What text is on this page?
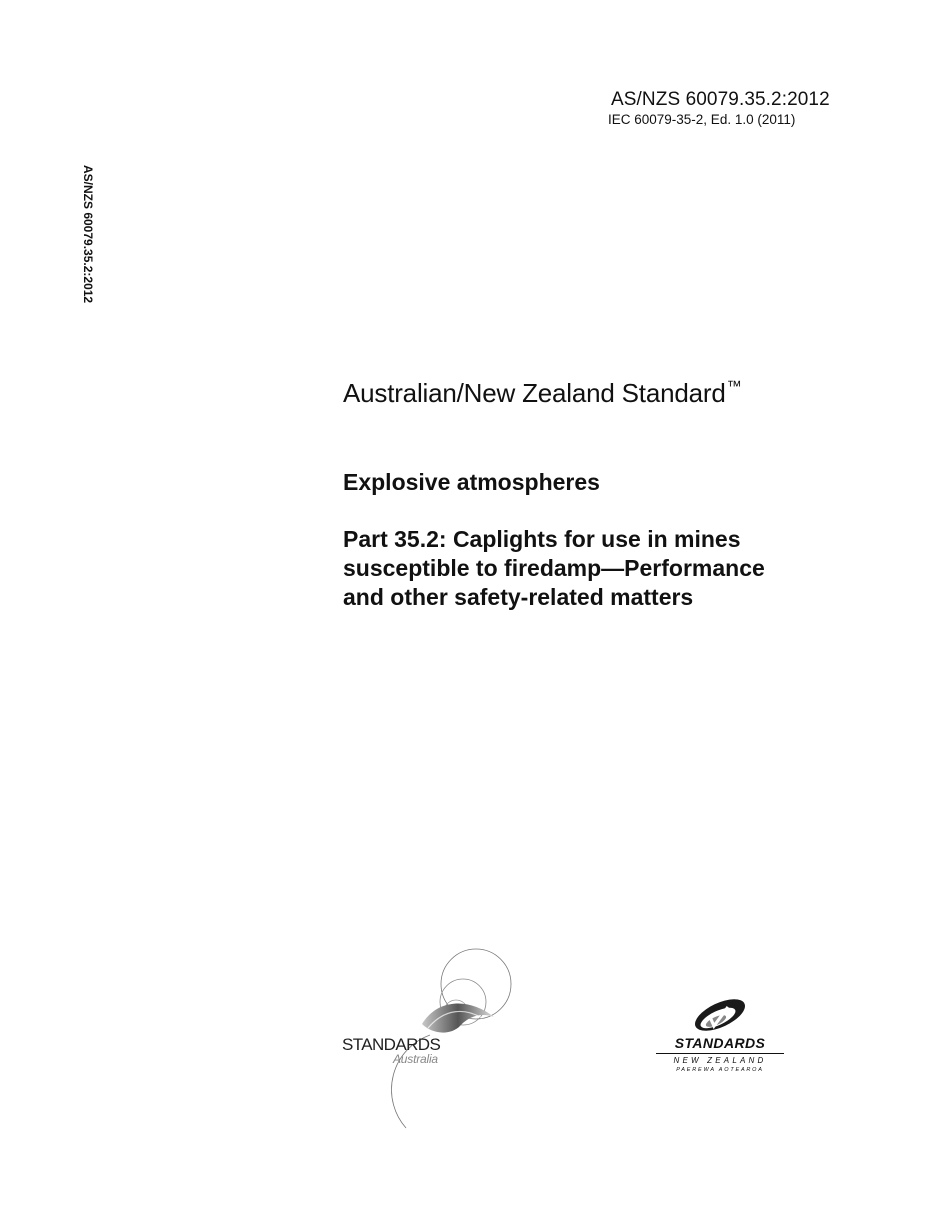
AS/NZS 60079.35.2:2012
IEC 60079-35-2, Ed. 1.0 (2011)
AS/NZS 60079.35.2:2012
Australian/New Zealand Standard™
Explosive atmospheres
Part 35.2: Caplights for use in mines
susceptible to firedamp—Performance
and other safety-related matters
STANDARDS
Australia
STANDARDS
NEW ZEALAND
PAEREWA AOTEAROA
